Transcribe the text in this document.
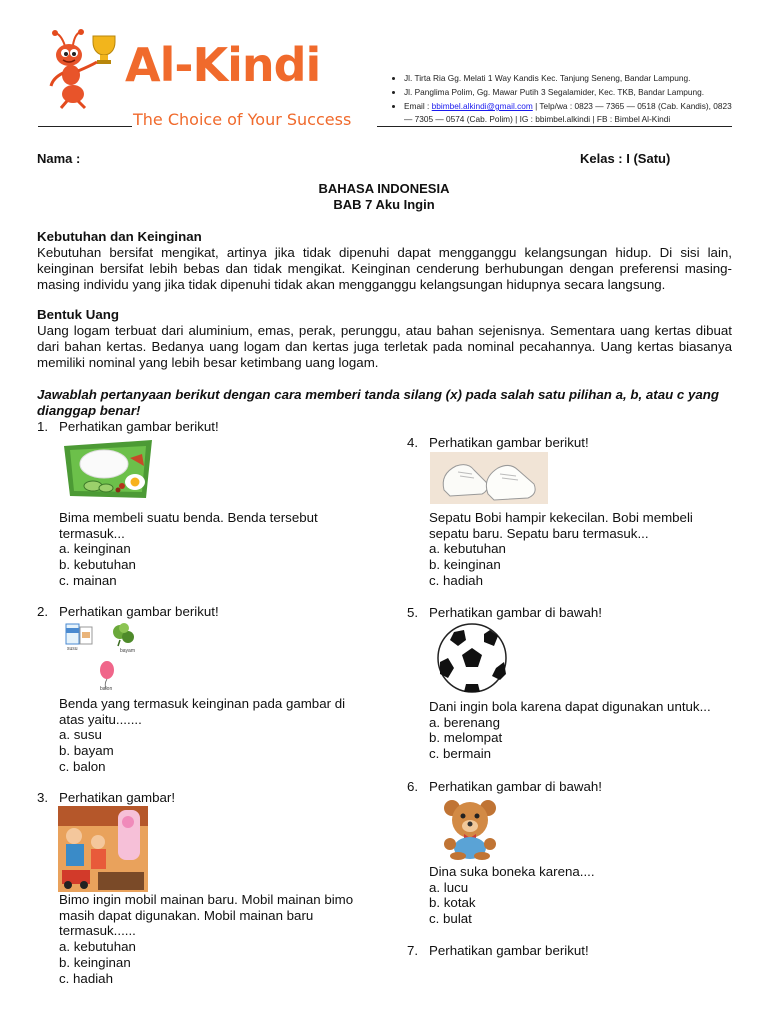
Al-Kindi
The Choice of Your Success
• Jl. Tirta Ria Gg. Melati 1 Way Kandis Kec. Tanjung Seneng, Bandar Lampung.
• Jl. Panglima Polim, Gg. Mawar Putih 3 Segalamider, Kec. TKB, Bandar Lampung.
• Email : bbimbel.alkindi@gmail.com | Telp/wa : 0823 — 7365 — 0518 (Cab. Kandis), 0823 — 7305 — 0574 (Cab. Polim) | IG : bbimbel.alkindi | FB : Bimbel Al-Kindi
Nama :	Kelas : I (Satu)
BAHASA INDONESIA
BAB 7 Aku Ingin
Kebutuhan dan Keinginan
Kebutuhan bersifat mengikat, artinya jika tidak dipenuhi dapat mengganggu kelangsungan hidup. Di sisi lain, keinginan bersifat lebih bebas dan tidak mengikat. Keinginan cenderung berhubungan dengan preferensi masing-masing individu yang jika tidak dipenuhi tidak akan mengganggu kelangsungan hidupnya secara langsung.
Bentuk Uang
Uang logam terbuat dari aluminium, emas, perak, perunggu, atau bahan sejenisnya. Sementara uang kertas dibuat dari bahan kertas. Bedanya uang logam dan kertas juga terletak pada nominal pecahannya. Uang kertas biasanya memiliki nominal yang lebih besar ketimbang uang logam.
Jawablah pertanyaan berikut dengan cara memberi tanda silang (x) pada salah satu pilihan a, b, atau c yang dianggap benar!
1. Perhatikan gambar berikut!
Bima membeli suatu benda. Benda tersebut termasuk...
a. keinginan
b. kebutuhan
c. mainan
2. Perhatikan gambar berikut!
susu	bayam
balon
Benda yang termasuk keinginan pada gambar di atas yaitu.......
a. susu
b. bayam
c. balon
3. Perhatikan gambar!
Bimo ingin mobil mainan baru. Mobil mainan bimo masih dapat digunakan. Mobil mainan baru termasuk......
a. kebutuhan
b. keinginan
c. hadiah
4. Perhatikan gambar berikut!
Sepatu Bobi hampir kekecilan. Bobi membeli sepatu baru. Sepatu baru termasuk...
a. kebutuhan
b. keinginan
c. hadiah
5. Perhatikan gambar di bawah!
Dani ingin bola karena dapat digunakan untuk...
a. berenang
b. melompat
c. bermain
6. Perhatikan gambar di bawah!
Dina suka boneka karena....
a. lucu
b. kotak
c. bulat
7. Perhatikan gambar berikut!
